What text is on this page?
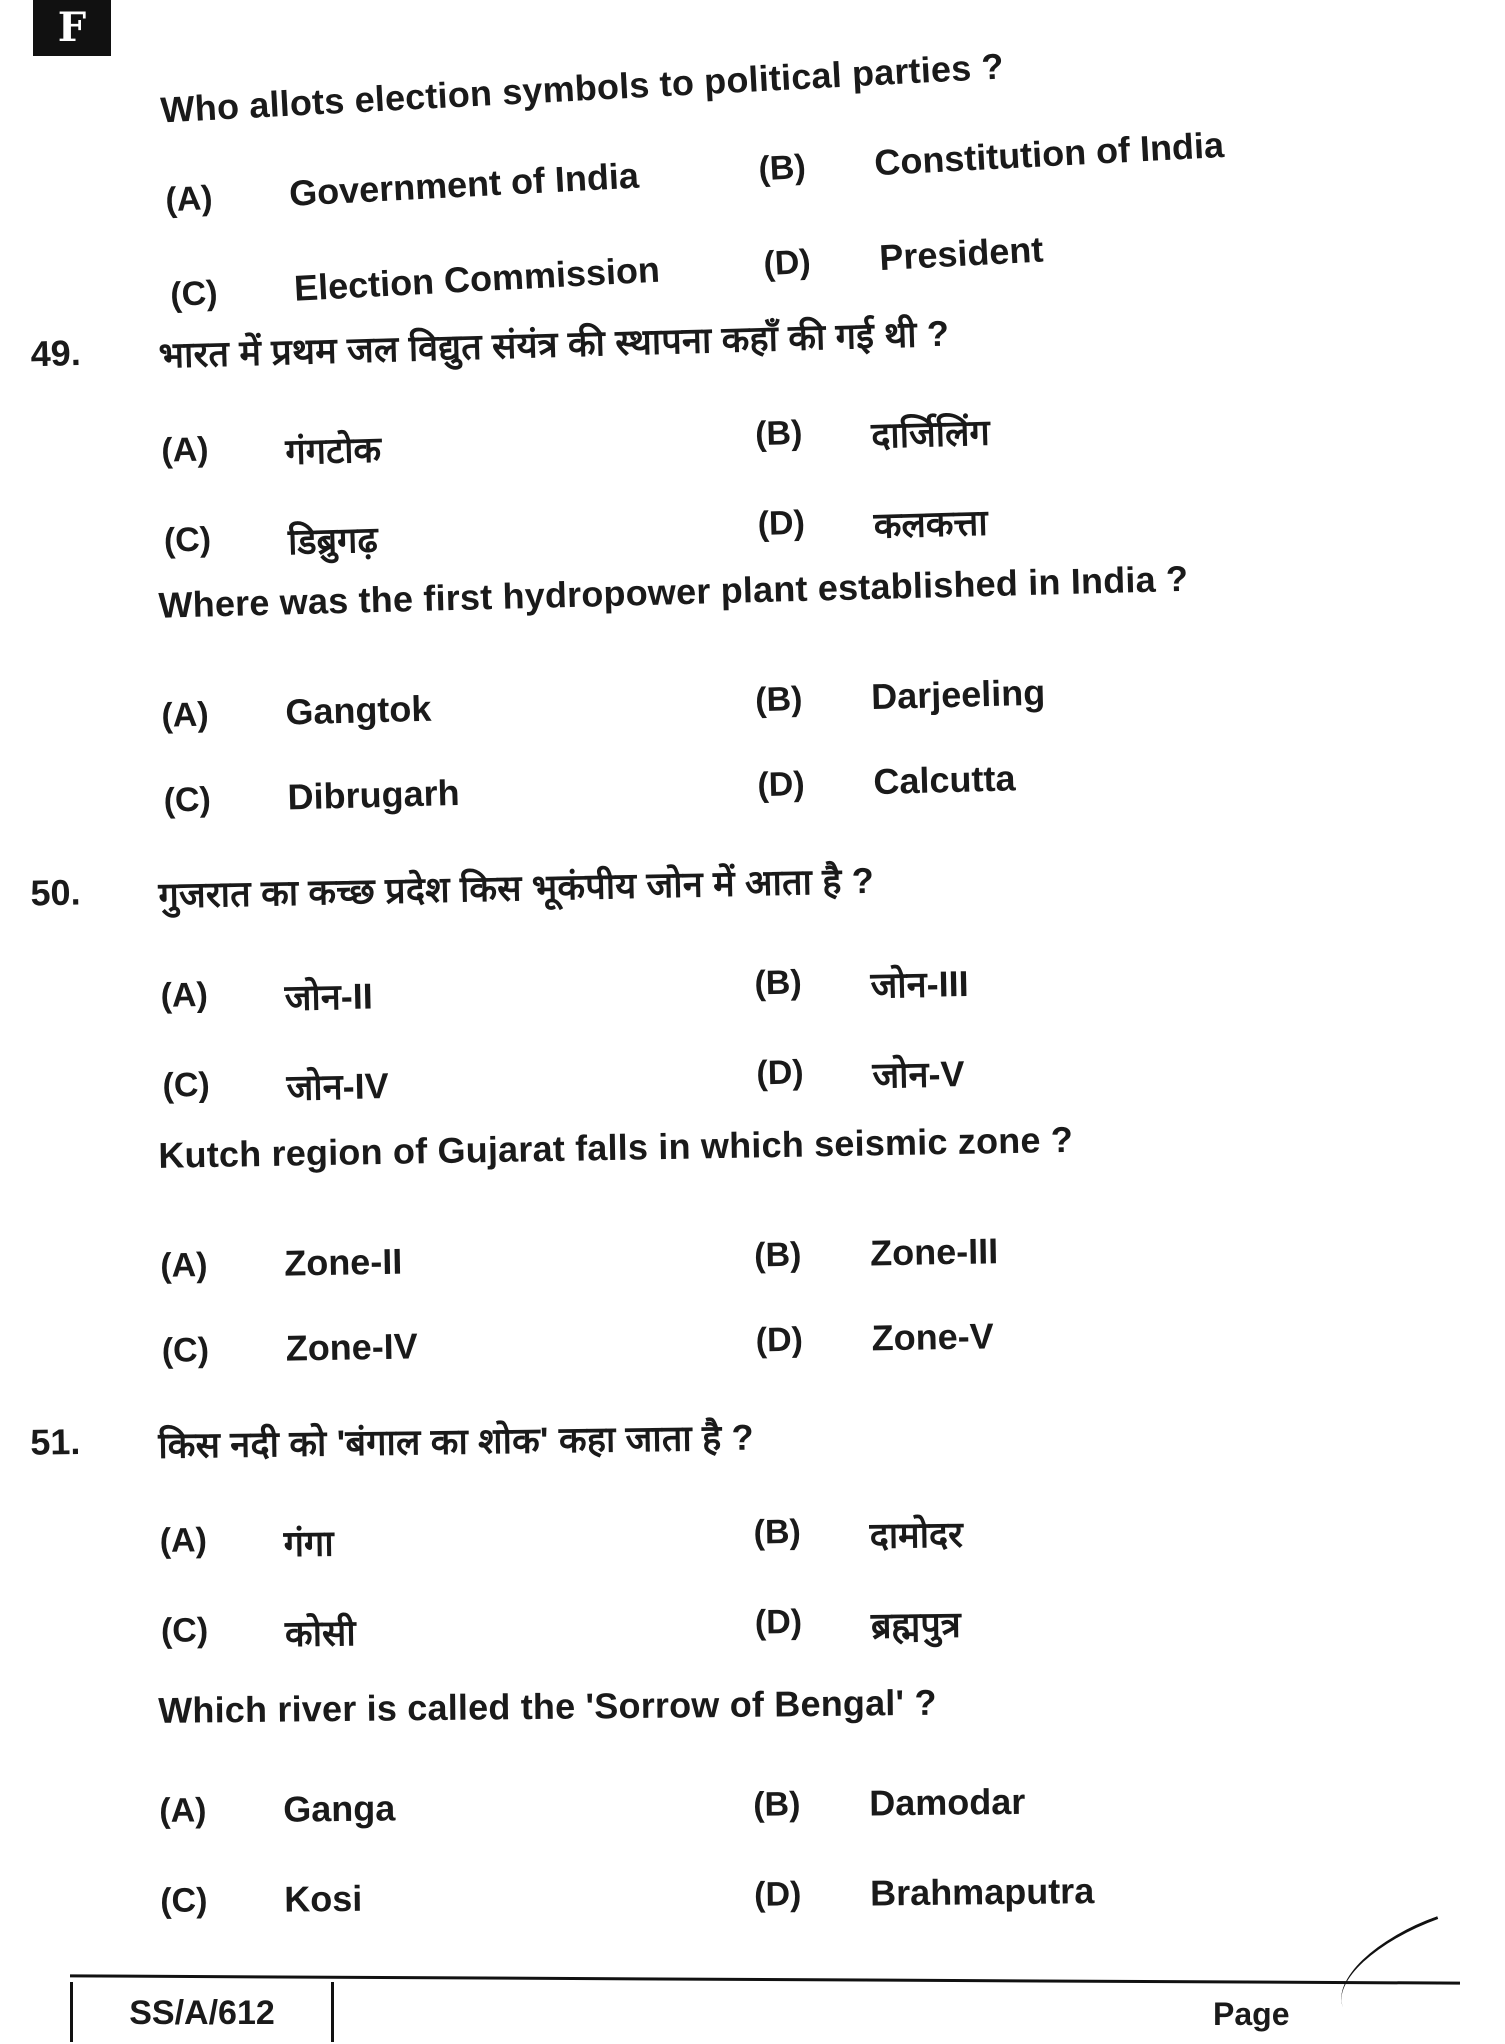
F
Who allots election symbols to political parties ?
(A) Government of India	(B) Constitution of India
(C) Election Commission	(D) President
49. भारत में प्रथम जल विद्युत संयंत्र की स्थापना कहाँ की गई थी ?
(A) गंगटोक	(B) दार्जिलिंग
(C) डिब्रुगढ़	(D) कलकत्ता
Where was the first hydropower plant established in India ?
(A) Gangtok	(B) Darjeeling
(C) Dibrugarh	(D) Calcutta
50. गुजरात का कच्छ प्रदेश किस भूकंपीय जोन में आता है ?
(A) जोन-II	(B) जोन-III
(C) जोन-IV	(D) जोन-V
Kutch region of Gujarat falls in which seismic zone ?
(A) Zone-II	(B) Zone-III
(C) Zone-IV	(D) Zone-V
51. किस नदी को 'बंगाल का शोक' कहा जाता है ?
(A) गंगा	(B) दामोदर
(C) कोसी	(D) ब्रह्मपुत्र
Which river is called the 'Sorrow of Bengal' ?
(A) Ganga	(B) Damodar
(C) Kosi	(D) Brahmaputra
SS/A/612	Page
